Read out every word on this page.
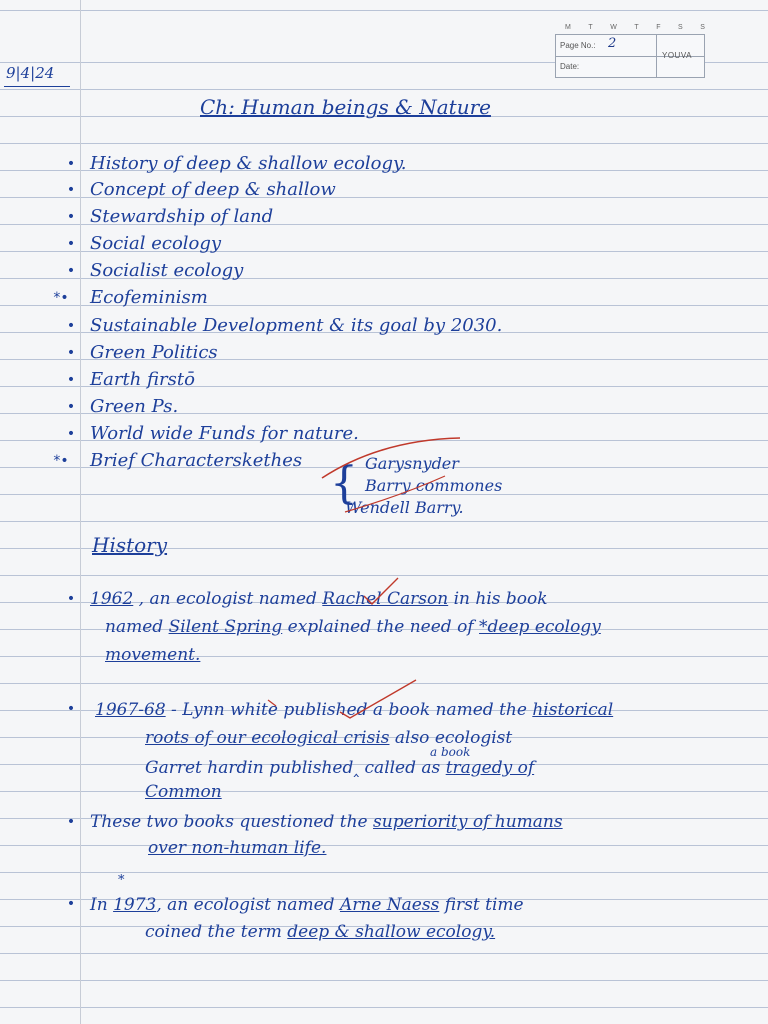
M	T	W	T	F	S	S
Page No.: 2
Date:
YOUVA
9|4|24
Ch: Human beings & Nature
• History of deep & shallow ecology.
• Concept of deep & shallow
• Stewardship of land
• Social ecology
• Socialist ecology
*•	Ecofeminism
• Sustainable Development & its goal by 2030.
• Green Politics
• Earth firstō
• Green Ps.
• World wide Funds for nature.
*•	Brief Characterskethes { Garysnyder
Barry commones
Wendell Barry.
History
• 1962 , an ecologist named Rachel Carson in his book
named Silent Spring explained the need of *deep ecology
movement.
•	1967-68 - Lynn white published a book named the historical
roots of our ecological crisis also ecologist
a book
Garret hardin published‸ called as tragedy of
Common
• These two books questioned the superiority of humans
over non-human life.
•
*
In 1973, an ecologist named Arne Naess first time
coined the term deep & shallow ecology.
